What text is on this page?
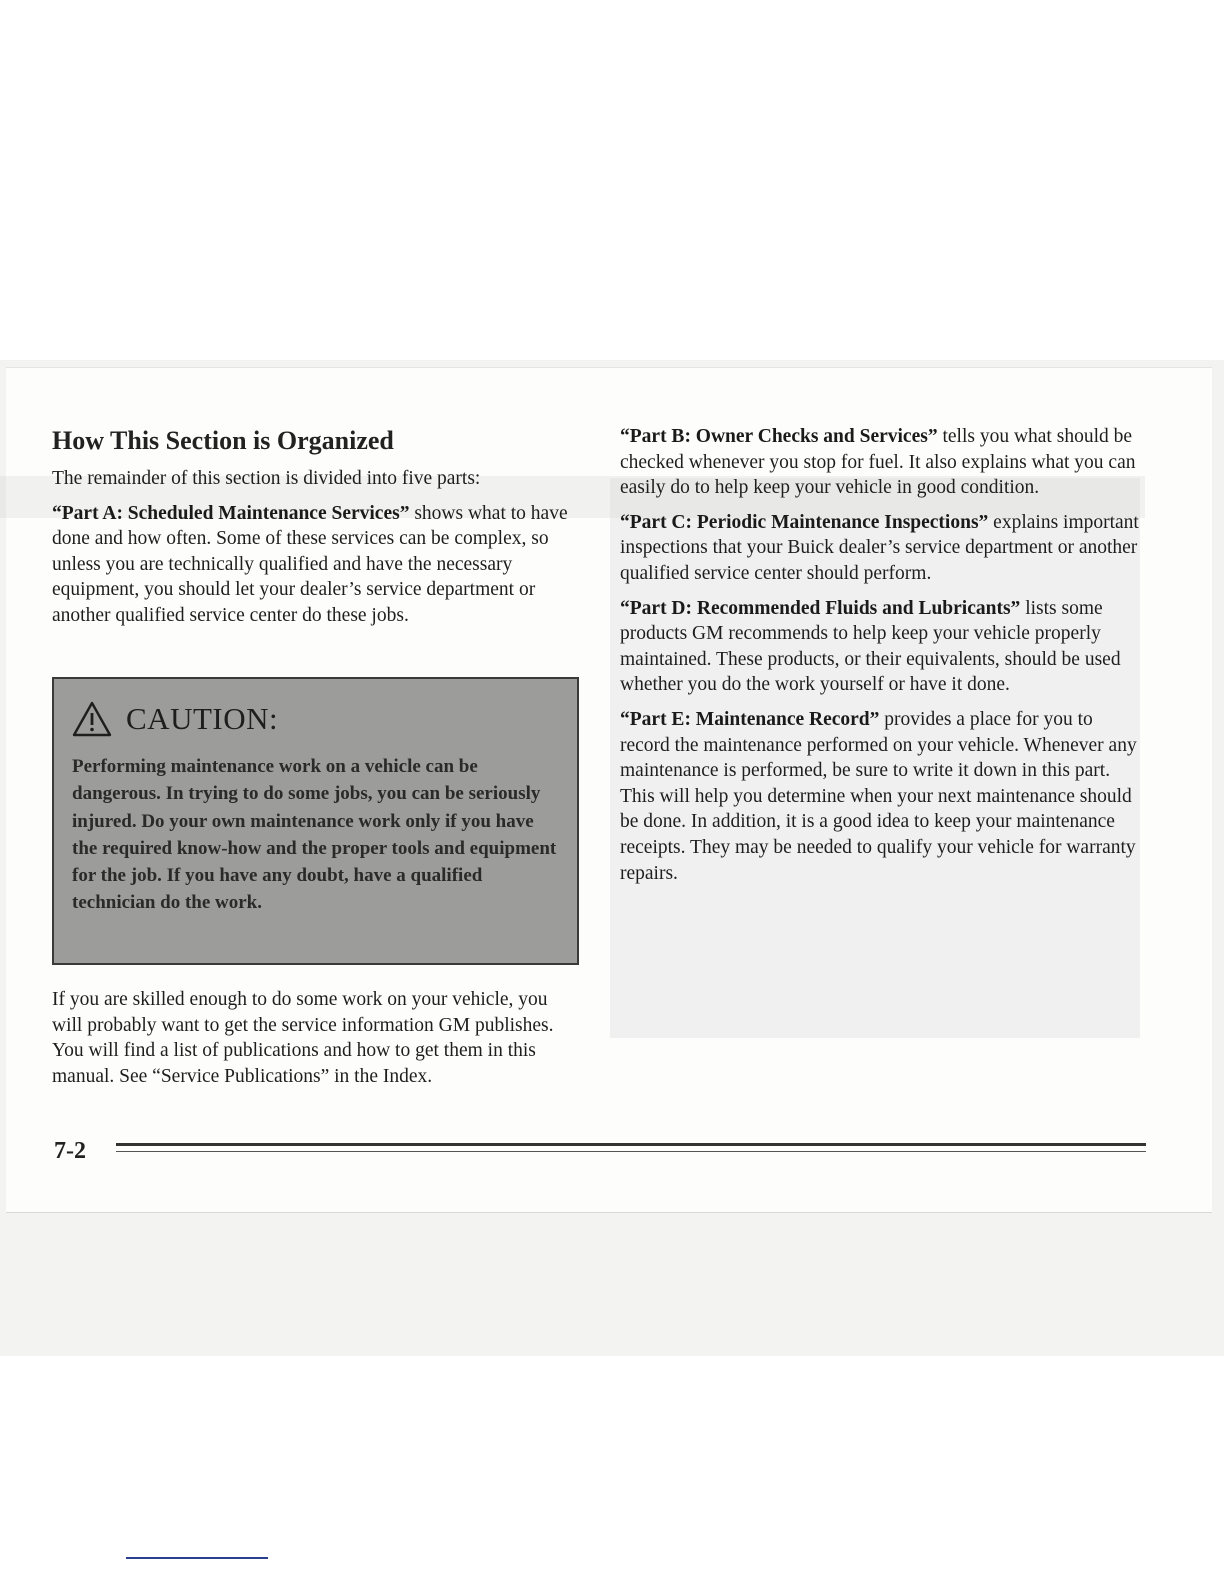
How This Section is Organized

The remainder of this section is divided into five parts:

“Part A: Scheduled Maintenance Services” shows what to have done and how often. Some of these services can be complex, so unless you are technically qualified and have the necessary equipment, you should let your dealer’s service department or another qualified service center do these jobs.

CAUTION:
Performing maintenance work on a vehicle can be dangerous. In trying to do some jobs, you can be seriously injured. Do your own maintenance work only if you have the required know-how and the proper tools and equipment for the job. If you have any doubt, have a qualified technician do the work.
If you are skilled enough to do some work on your vehicle, you will probably want to get the service information GM publishes. You will find a list of publications and how to get them in this manual. See “Service Publications” in the Index.

“Part B: Owner Checks and Services” tells you what should be checked whenever you stop for fuel. It also explains what you can easily do to help keep your vehicle in good condition.

“Part C: Periodic Maintenance Inspections” explains important inspections that your Buick dealer’s service department or another qualified service center should perform.

“Part D: Recommended Fluids and Lubricants” lists some products GM recommends to help keep your vehicle properly maintained. These products, or their equivalents, should be used whether you do the work yourself or have it done.

“Part E: Maintenance Record” provides a place for you to record the maintenance performed on your vehicle. Whenever any maintenance is performed, be sure to write it down in this part. This will help you determine when your next maintenance should be done. In addition, it is a good idea to keep your maintenance receipts. They may be needed to qualify your vehicle for warranty repairs.

7-2
